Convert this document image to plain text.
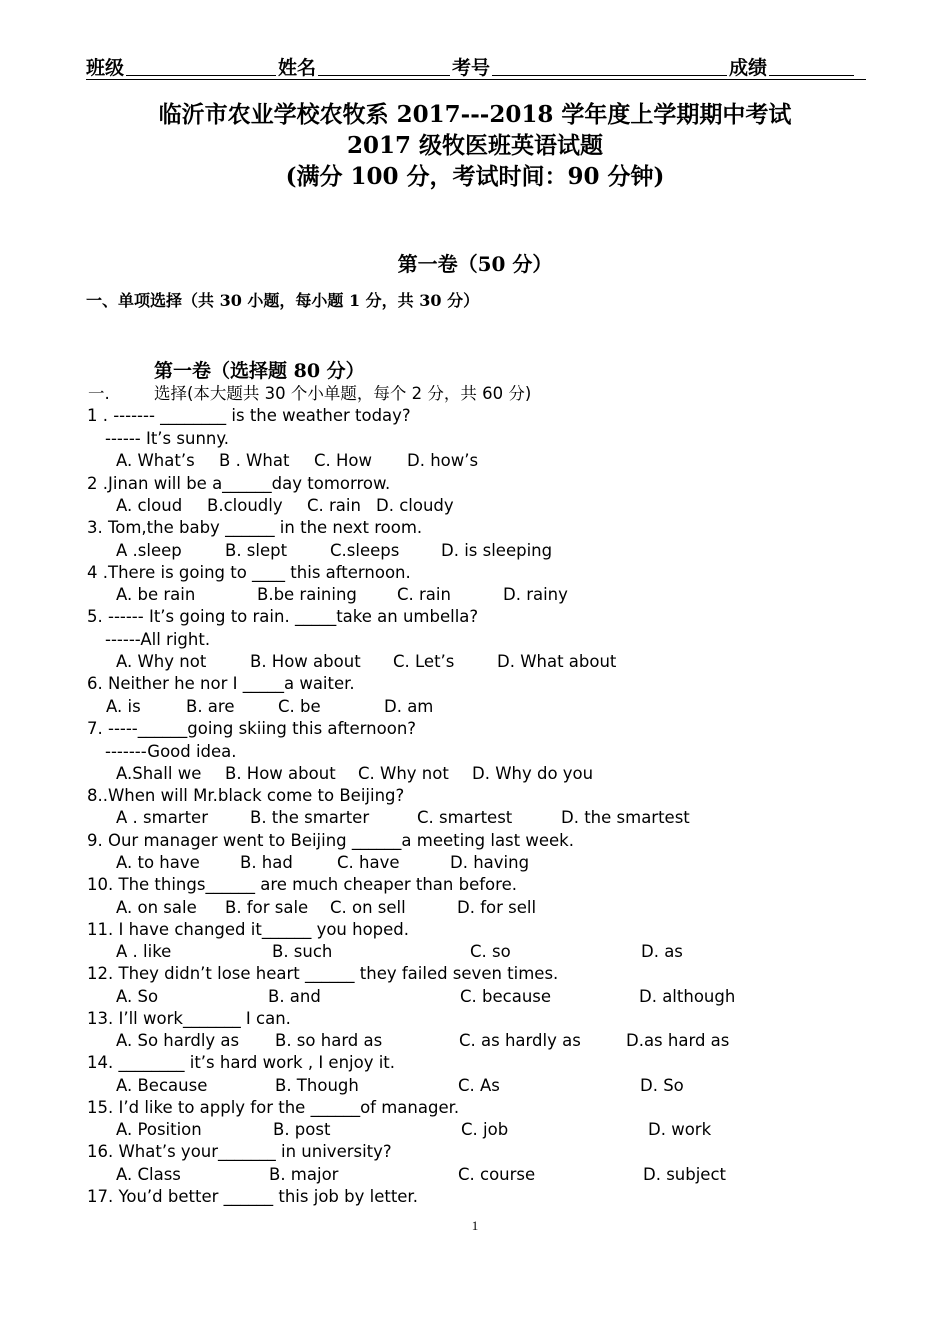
班级	姓名	考号	成绩
临沂市农业学校农牧系 2017---2018 学年度上学期期中考试
2017 级牧医班英语试题
(满分 100 分，考试时间：90 分钟)
第一卷（50 分）
一、单项选择（共 30 小题，每小题 1 分，共 30 分）
第一卷（选择题 80 分）
一.	选择(本大题共 30 个小单题，每个 2 分，共 60 分)
1 . ------- ________ is the weather today?
------ It’s sunny.
A. What’s B . What C. How D. how’s
2 .Jinan will be a______day tomorrow.
A. cloud B.cloudly C. rain D. cloudy
3. Tom,the baby ______ in the next room.
A .sleep	B. slept	C.sleeps	D. is sleeping
4 .There is going to ____ this afternoon.
A. be rain	B.be raining C. rain	D. rainy
5. ------ It’s going to rain. _____take an umbella?
------All right.
A. Why not	B. How about C. Let’s	D. What about
6. Neither he nor I _____a waiter.
A. is	B. are	C. be	D. am
7. -----______going skiing this afternoon?
-------Good idea.
A.Shall we B. How about C. Why not D. Why do you
8..When will Mr.black come to Beijing?
A . smarter	B. the smarter	C. smartest	D. the smartest
9. Our manager went to Beijing ______a meeting last week.
A. to have B. had	C. have	D. having
10. The things______ are much cheaper than before.
A. on sale B. for sale C. on sell	D. for sell
11. I have changed it______ you hoped.
A . like	B. such	C. so	D. as
12. They didn’t lose heart ______ they failed seven times.
A. So	B. and	C. because	D. although
13. I’ll work_______ I can.
A. So hardly as B. so hard as	C. as hardly as	D.as hard as
14. ________ it’s hard work , I enjoy it.
A. Because	B. Though	C. As	D. So
15. I’d like to apply for the ______of manager.
A. Position	B. post	C. job	D. work
16. What’s your_______ in university?
A. Class	B. major	C. course	D. subject
17. You’d better ______ this job by letter.
1
